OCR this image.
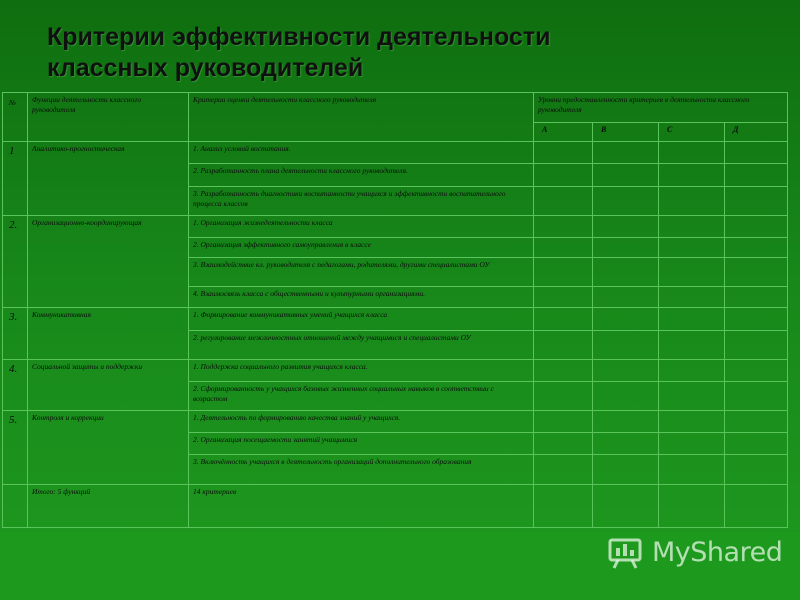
Критерии эффективности деятельности
классных руководителей
№	Функции деятельности классного руководителя	Критерии оценки деятельности классного руководителя	Уровни предоставленности критериев в деятельности классного руководителя			
			А	В	С	Д
1	Аналитико-прогностическая	1. Анализ условий воспитания.				
		2. Разработанность плана деятельности классного руководителя.				
		3. Разработанность диагностики воспитанности учащихся и эффективности воспитательного процесса классов				
2.	Организационно-координирующая	1. Организация жизнедеятельности класса				
		2. Организация эффективного самоуправления в классе				
		3. Взаимодействие кл. руководителя с педагогами, родителями, другими специалистами ОУ				
		4. Взаимосвязь класса с общественными и культурными организациями.				
3.	Коммуникативная	1. Формирование коммуникативных умений учащихся класса				
		2. регулирование межличностных отношений между учащимися и специалистами ОУ				
4.	Социальной защиты и поддержки	1. Поддержка социального развития учащихся класса.				
		2. Сформированность у учащихся базовых жизненных социальных навыков в соответствии с возрастом				
5.	Контроля и коррекции	1. Деятельность по формированию качества знаний у учащихся.				
		2. Организация посещаемости занятий учащимися				
		3. Включённость учащихся в деятельность организаций дополнительного образования				
	Итого: 5 функций	14 критериев				
MyShared
